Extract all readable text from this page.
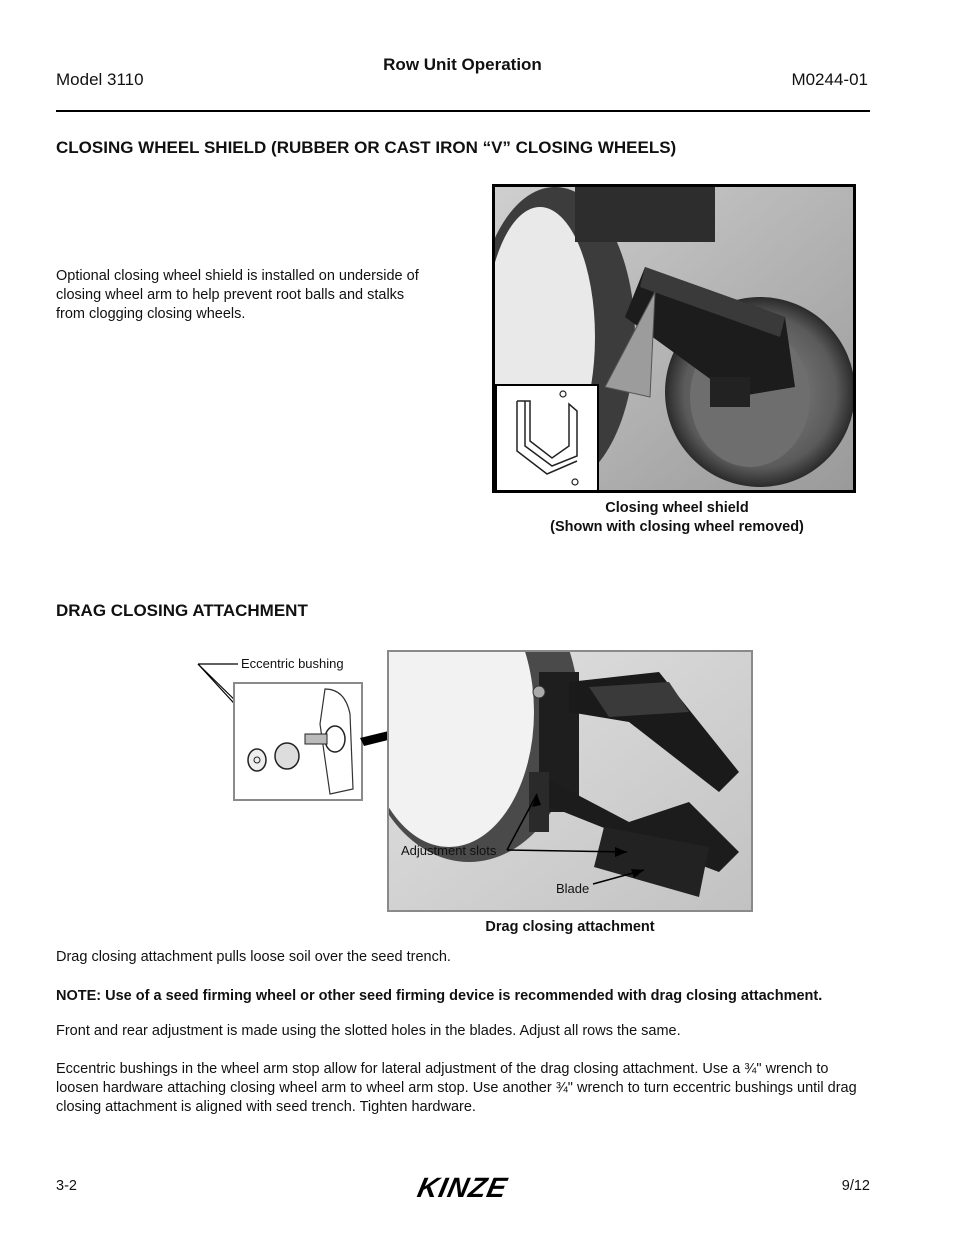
Model 3110
Row Unit Operation
M0244-01
CLOSING WHEEL SHIELD (RUBBER OR CAST IRON “V” CLOSING WHEELS)
Optional closing wheel shield is installed on underside of closing wheel arm to help prevent root balls and stalks from clogging closing wheels.
Closing wheel shield
(Shown with closing wheel removed)
DRAG CLOSING ATTACHMENT
Eccentric bushing
Adjustment slots
Blade
Drag closing attachment
Drag closing attachment pulls loose soil over the seed trench.
NOTE: Use of a seed firming wheel or other seed firming device is recommended with drag closing attachment.
Front and rear adjustment is made using the slotted holes in the blades. Adjust all rows the same.
Eccentric bushings in the wheel arm stop allow for lateral adjustment of the drag closing attachment. Use a ¾" wrench to loosen hardware attaching closing wheel arm to wheel arm stop. Use another ¾" wrench to turn eccentric bushings until drag closing attachment is aligned with seed trench. Tighten hardware.
3-2	KINZE	9/12
